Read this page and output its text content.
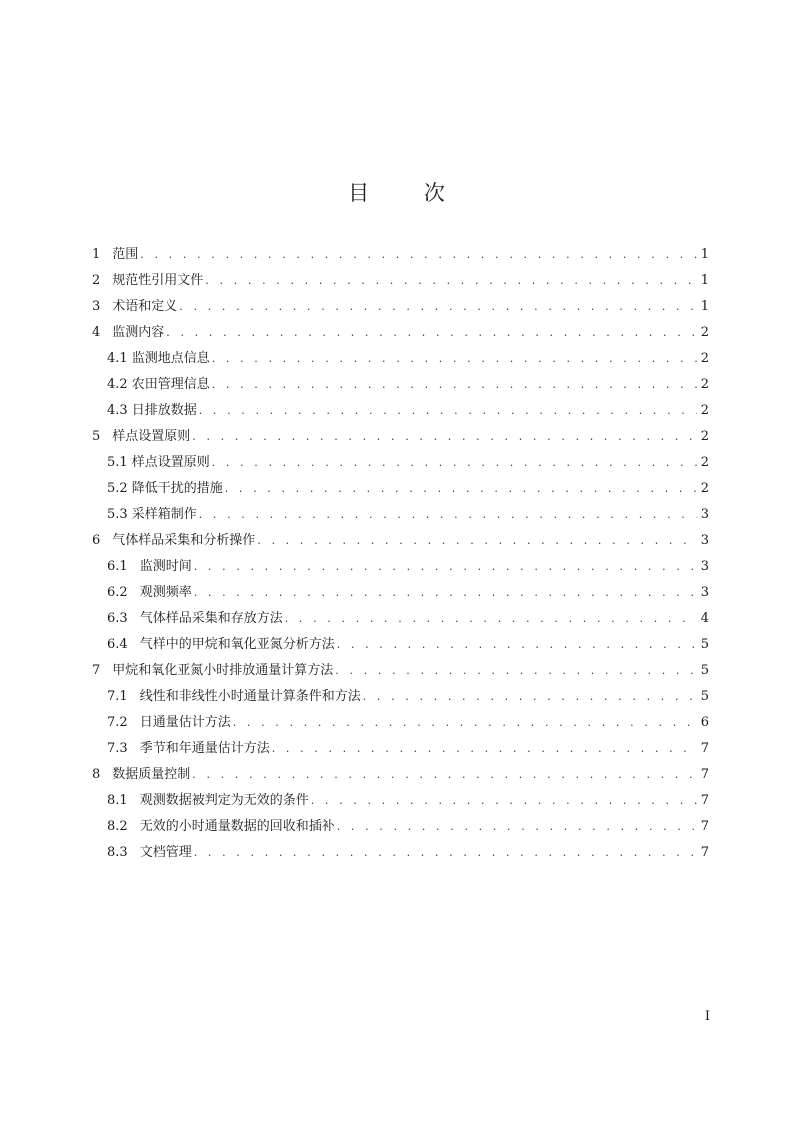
目 次
1 范围 . . .	1
2 规范性引用文件 . . .	1
3 术语和定义 . . .	1
4 监测内容 . . .	2
4.1 监测地点信息 . . .	2
4.2 农田管理信息 . . .	2
4.3 日排放数据 . . .	2
5 样点设置原则 . . .	2
5.1 样点设置原则 . . .	2
5.2 降低干扰的措施 . . .	2
5.3 采样箱制作 . . .	3
6 气体样品采集和分析操作 . . .	3
6.1 监测时间 . . .	3
6.2 观测频率 . . .	3
6.3 气体样品采集和存放方法 . . .	4
6.4 气样中的甲烷和氧化亚氮分析方法 . . .	5
7 甲烷和氧化亚氮小时排放通量计算方法 . . .	5
7.1 线性和非线性小时通量计算条件和方法 . . .	5
7.2 日通量估计方法 . . .	6
7.3 季节和年通量估计方法 . . .	7
8 数据质量控制 . . .	7
8.1 观测数据被判定为无效的条件 . . .	7
8.2 无效的小时通量数据的回收和插补 . . .	7
8.3 文档管理 . . .	7
I
